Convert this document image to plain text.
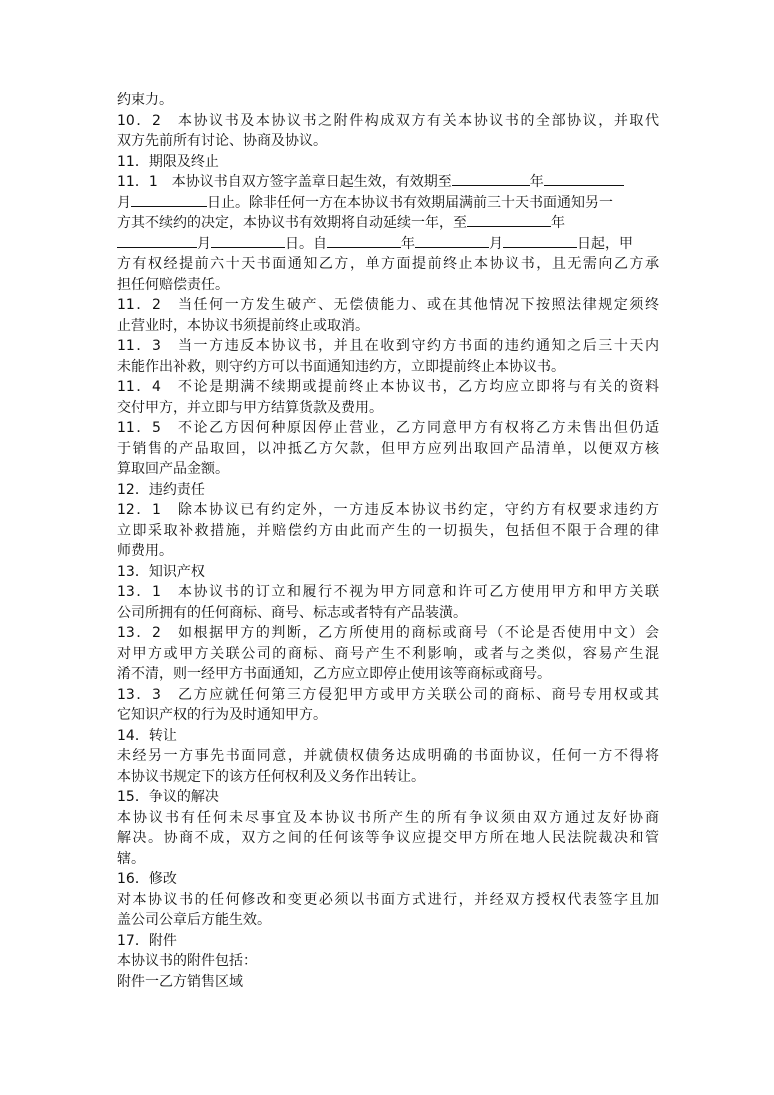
约束力。
10．2　本协议书及本协议书之附件构成双方有关本协议书的全部协议，并取代
双方先前所有讨论、协商及协议。
11．期限及终止
11．1　本协议书自双方签字盖章日起生效，有效期至	年
月	日止。除非任何一方在本协议书有效期届满前三十天书面通知另一
方其不续约的决定，本协议书有效期将自动延续一年，至	年
月	日。自	年	月	日起，甲
方有权经提前六十天书面通知乙方，单方面提前终止本协议书，且无需向乙方承
担任何赔偿责任。
11．2　当任何一方发生破产、无偿债能力、或在其他情况下按照法律规定须终
止营业时，本协议书须提前终止或取消。
11．3　当一方违反本协议书，并且在收到守约方书面的违约通知之后三十天内
未能作出补救，则守约方可以书面通知违约方，立即提前终止本协议书。
11．4　不论是期满不续期或提前终止本协议书，乙方均应立即将与有关的资料
交付甲方，并立即与甲方结算货款及费用。
11．5　不论乙方因何种原因停止营业，乙方同意甲方有权将乙方未售出但仍适
于销售的产品取回，以冲抵乙方欠款，但甲方应列出取回产品清单，以便双方核
算取回产品金额。
12．违约责任
12．1　除本协议已有约定外，一方违反本协议书约定，守约方有权要求违约方
立即采取补救措施，并赔偿约方由此而产生的一切损失，包括但不限于合理的律
师费用。
13．知识产权
13．1　本协议书的订立和履行不视为甲方同意和许可乙方使用甲方和甲方关联
公司所拥有的任何商标、商号、标志或者特有产品装潢。
13．2　如根据甲方的判断，乙方所使用的商标或商号（不论是否使用中文）会
对甲方或甲方关联公司的商标、商号产生不利影响，或者与之类似，容易产生混
淆不清，则一经甲方书面通知，乙方应立即停止使用该等商标或商号。
13．3　乙方应就任何第三方侵犯甲方或甲方关联公司的商标、商号专用权或其
它知识产权的行为及时通知甲方。
14．转让
未经另一方事先书面同意，并就债权债务达成明确的书面协议，任何一方不得将
本协议书规定下的该方任何权利及义务作出转让。
15．争议的解决
本协议书有任何未尽事宜及本协议书所产生的所有争议须由双方通过友好协商
解决。协商不成，双方之间的任何该等争议应提交甲方所在地人民法院裁决和管
辖。
16．修改
对本协议书的任何修改和变更必须以书面方式进行，并经双方授权代表签字且加
盖公司公章后方能生效。
17．附件
本协议书的附件包括：
附件一乙方销售区域
